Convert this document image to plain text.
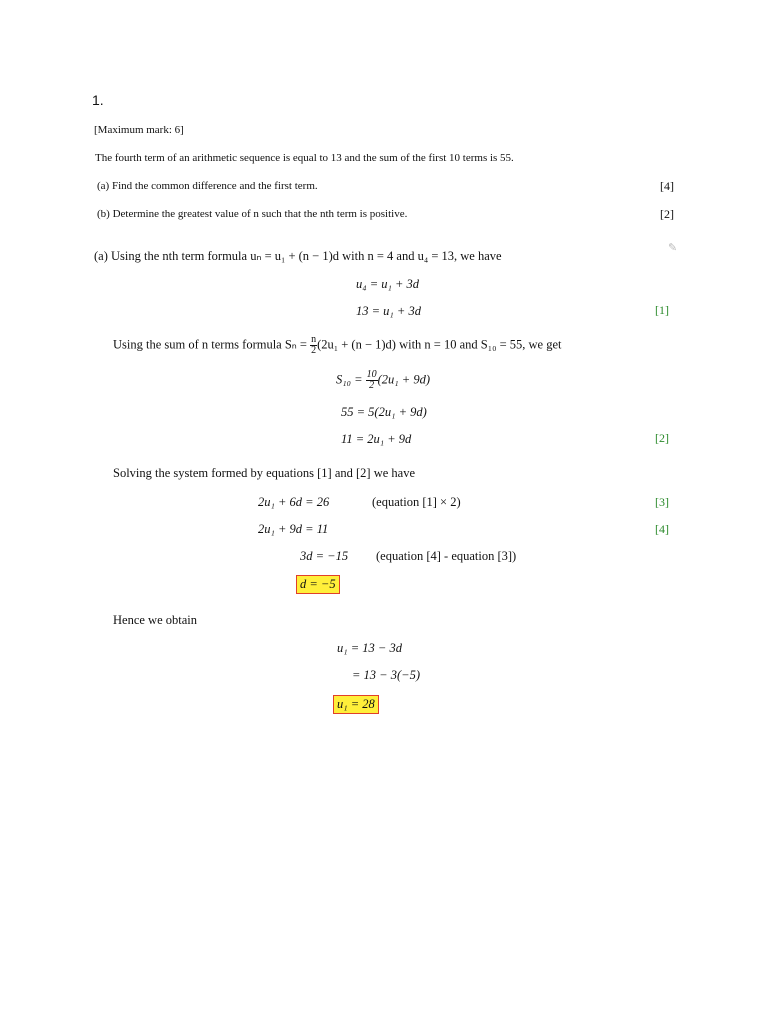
1.
[Maximum mark: 6]
The fourth term of an arithmetic sequence is equal to 13 and the sum of the first 10 terms is 55.
(a) Find the common difference and the first term.	[4]
(b) Determine the greatest value of n such that the nth term is positive.	[2]
(a) Using the nth term formula uₙ = u₁ + (n − 1)d with n = 4 and u₄ = 13, we have
✎
u₄ = u₁ + 3d
13 = u₁ + 3d	[1]
Using the sum of n terms formula $S_n = \frac{n}{2} (2u_1 + (n - 1)d)$ with n = 10 and S₁₀ = 55, we get
$S_{10} = \frac{10}{2} (2u_1 + 9d)$
55 = 5(2u₁ + 9d)
11 = 2u₁ + 9d	[2]
Solving the system formed by equations [1] and [2] we have
2u₁ + 6d = 26	(equation [1] × 2)	[3]
2u₁ + 9d = 11	[4]
3d = −15 (equation [4] - equation [3])
d = −5
Hence we obtain
u₁ = 13 − 3d
= 13 − 3(−5)
u₁ = 28
